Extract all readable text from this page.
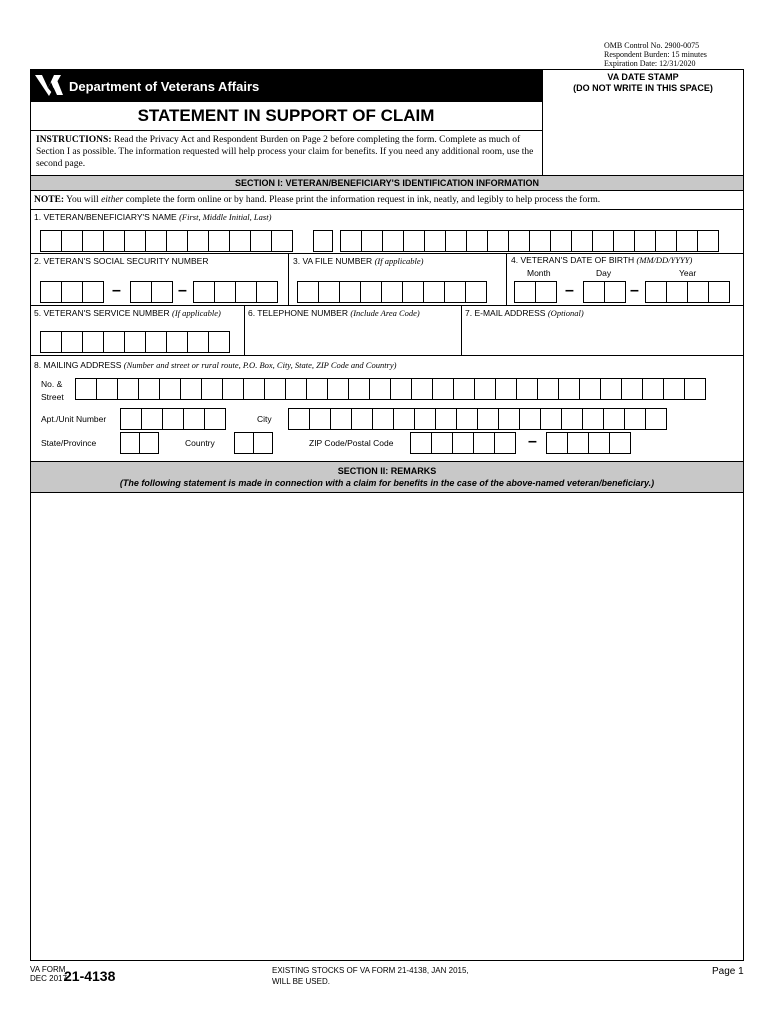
OMB Control No. 2900-0075
Respondent Burden: 15 minutes
Expiration Date: 12/31/2020
Department of Veterans Affairs
VA DATE STAMP
(DO NOT WRITE IN THIS SPACE)
STATEMENT IN SUPPORT OF CLAIM
INSTRUCTIONS: Read the Privacy Act and Respondent Burden on Page 2 before completing the form. Complete as much of Section I as possible. The information requested will help process your claim for benefits. If you need any additional room, use the second page.
SECTION I: VETERAN/BENEFICIARY'S IDENTIFICATION INFORMATION
NOTE: You will either complete the form online or by hand. Please print the information request in ink, neatly, and legibly to help process the form.
1. VETERAN/BENEFICIARY'S NAME (First, Middle Initial, Last)
2. VETERAN'S SOCIAL SECURITY NUMBER	3. VA FILE NUMBER (If applicable)	4. VETERAN'S DATE OF BIRTH (MM/DD/YYYY)
Month	Day	Year
–	–	–	–
5. VETERAN'S SERVICE NUMBER (If applicable)	6. TELEPHONE NUMBER (Include Area Code)	7. E-MAIL ADDRESS (Optional)
8. MAILING ADDRESS (Number and street or rural route, P.O. Box, City, State, ZIP Code and Country)
No. &
Street
Apt./Unit Number	City
State/Province	Country	ZIP Code/Postal Code	–
SECTION II: REMARKS
(The following statement is made in connection with a claim for benefits in the case of the above-named veteran/beneficiary.)
VA FORM
DEC 2017
21-4138	EXISTING STOCKS OF VA FORM 21-4138, JAN 2015,
WILL BE USED.
Page 1
